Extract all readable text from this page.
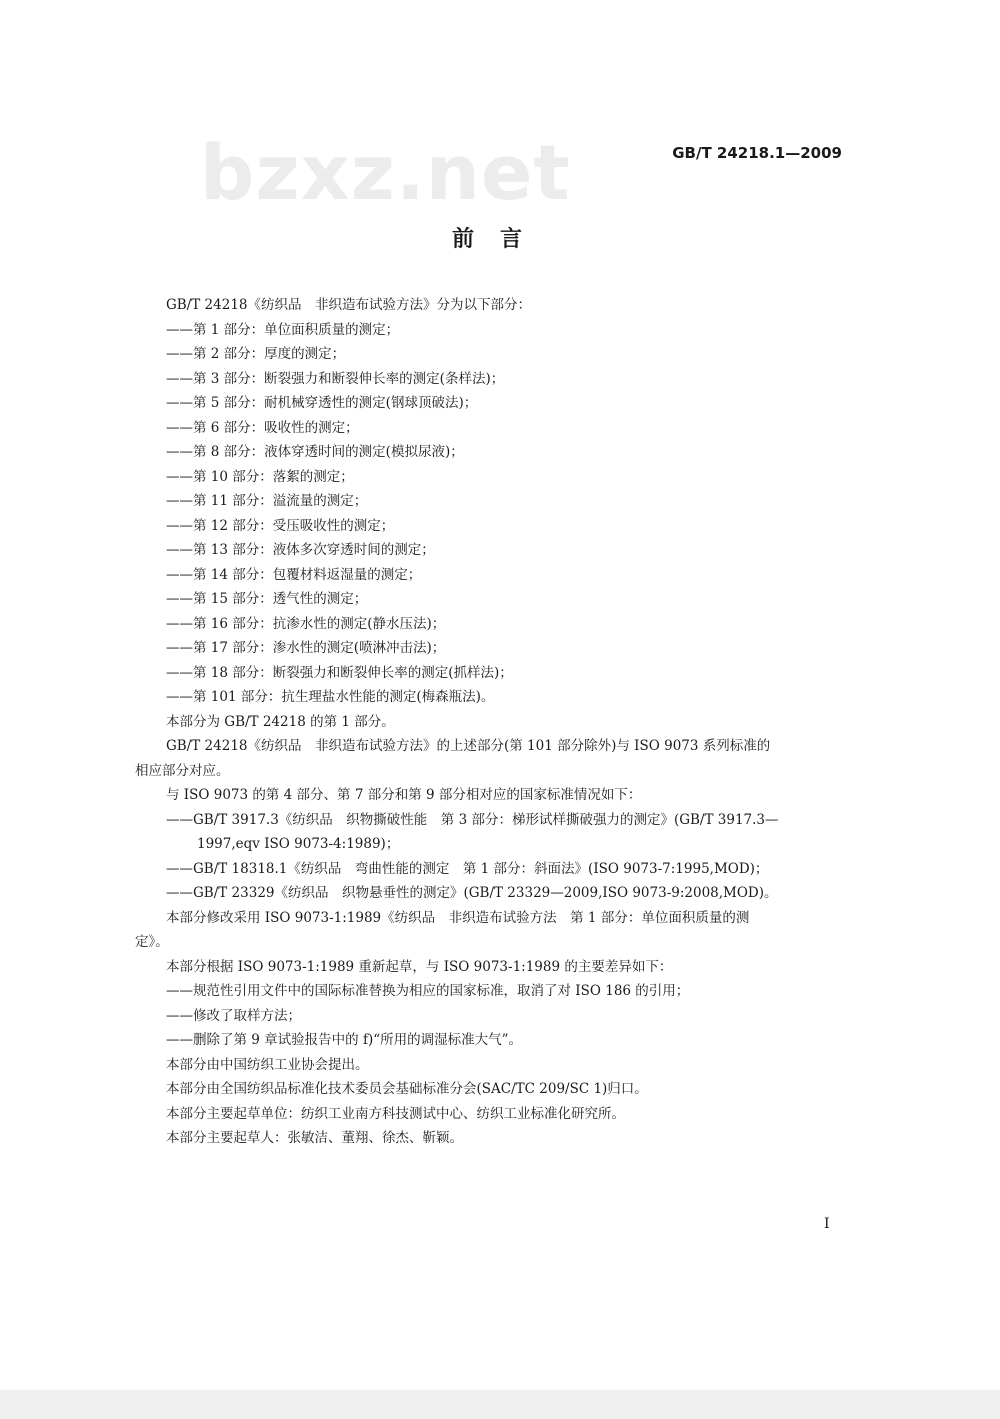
bzxz.net	GB/T 24218.1—2009
前言
GB/T 24218《纺织品　非织造布试验方法》分为以下部分：
——第 1 部分：单位面积质量的测定；
——第 2 部分：厚度的测定；
——第 3 部分：断裂强力和断裂伸长率的测定(条样法)；
——第 5 部分：耐机械穿透性的测定(钢球顶破法)；
——第 6 部分：吸收性的测定；
——第 8 部分：液体穿透时间的测定(模拟尿液)；
——第 10 部分：落絮的测定；
——第 11 部分：溢流量的测定；
——第 12 部分：受压吸收性的测定；
——第 13 部分：液体多次穿透时间的测定；
——第 14 部分：包覆材料返湿量的测定；
——第 15 部分：透气性的测定；
——第 16 部分：抗渗水性的测定(静水压法)；
——第 17 部分：渗水性的测定(喷淋冲击法)；
——第 18 部分：断裂强力和断裂伸长率的测定(抓样法)；
——第 101 部分：抗生理盐水性能的测定(梅森瓶法)。
本部分为 GB/T 24218 的第 1 部分。
GB/T 24218《纺织品　非织造布试验方法》的上述部分(第 101 部分除外)与 ISO 9073 系列标准的
相应部分对应。
与 ISO 9073 的第 4 部分、第 7 部分和第 9 部分相对应的国家标准情况如下：
——GB/T 3917.3《纺织品　织物撕破性能　第 3 部分：梯形试样撕破强力的测定》(GB/T 3917.3—
1997,eqv ISO 9073-4:1989)；
——GB/T 18318.1《纺织品　弯曲性能的测定　第 1 部分：斜面法》(ISO 9073-7:1995,MOD)；
——GB/T 23329《纺织品　织物悬垂性的测定》(GB/T 23329—2009,ISO 9073-9:2008,MOD)。
本部分修改采用 ISO 9073-1:1989《纺织品　非织造布试验方法　第 1 部分：单位面积质量的测
定》。
本部分根据 ISO 9073-1:1989 重新起草，与 ISO 9073-1:1989 的主要差异如下：
——规范性引用文件中的国际标准替换为相应的国家标准，取消了对 ISO 186 的引用；
——修改了取样方法；
——删除了第 9 章试验报告中的 f)“所用的调湿标准大气”。
本部分由中国纺织工业协会提出。
本部分由全国纺织品标准化技术委员会基础标准分会(SAC/TC 209/SC 1)归口。
本部分主要起草单位：纺织工业南方科技测试中心、纺织工业标准化研究所。
本部分主要起草人：张敏洁、董翔、徐杰、靳颖。
I
